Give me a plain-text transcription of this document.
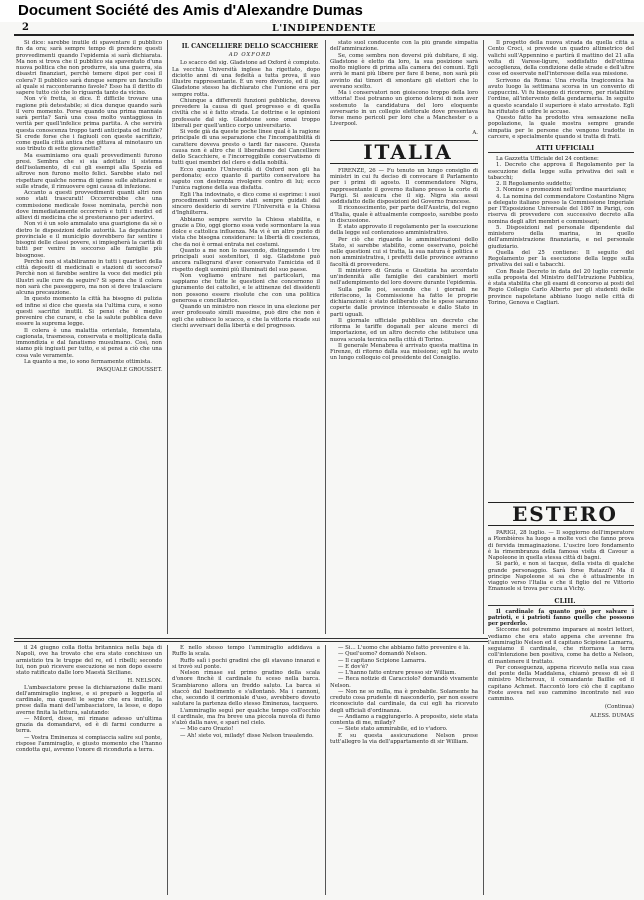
Document Société des Amis d'Alexandre Dumas
2	L'INDIPENDENTE

Si dice: sarebbe inutile di spaventare il pubblico fin da ora; sarà sempre tempo di prendere questi provvedimenti quando l'epidemia si sarà dichiarata. Ma non si trova che il pubblico sia spaventato d'una nuova politica che non produrre, sia una guerra, sia disastri finanziari, perchè temere dipoi per così il colera? Il pubblico sarà dunque sempre un fanciullo al quale si racconteranno favole? Esso ha il diritto di sapere tutto ciò che lo riguarda tanto da vicino.

Non v'è fretta, si dice. È difficile trovare una ragione più detestabile; si dica dunque quando sarà il vero momento. Forse quando una prima mannaia sarà perita? Sarà una cosa molto vantaggiosa in verità per quell'infelice prima partita. A che servirà questa conoscenza troppo tardi anticipata od inutile? Si crede forse che i fagiuoli con queste sacrifizio, come quella città antica che gittava al minotauro un suo tributo di sette giovanette?

Ma esaminiamo ora quali provvedimenti furono presi. Sembra che si sia adottato il sistema dell'isolamento, di cui gli esempi alla Spezia ed altrove non furono molto felici. Sarebbe stato nel rispettare qualche norma di igiene sulle abitazioni e sulle strade, il rimuovere ogni causa di infezione.

Accanto a questi provvedimenti quanti altri non sono stati trascurati! Occorrerebbe che una commissione medicale fosse nominata, perchè non dove immediatamente occorrerà e tutti i medici ed allievi di medicina che si presteranno per aderirvi.

Non vi è un solo ammalato una guarigione da sè o dietro le disposizioni delle autorità. La deputazione provinciale e il municipio dovrebbero far sentire i bisogni delle classi povere, si impiegherà la carità di tutti per venire in soccorso alle famiglie più bisognose.

Perchè non si stabiliranno in tutti i quartieri della città depositi di medicinali e stazioni di soccorso? Perchè non si farebbe sentire la voce dei medici più illustri sulle cure da seguire? Si spera che il colera non sarà che passeggero, ma non si deve tralasciare alcuna precauzione.

In questo momento la città ha bisogno di pulizia ed infine si dice che questa sia l'ultima cura, e sono questi sacrifizi inutili. Si pensi che è meglio prevenire che curare, e che la salute pubblica deve essere la suprema legge.

Il colera è una malattia orientale, fomentata, cagionata, trasmessa, conservata e moltiplicata dalla immondizia e dal fanatismo musulmano. Così, non siamo più ingiusti per tutto, e si pensi a ciò che una cosa vale veramente.

La quanto a me, io sono fermamente ottimista.

PASQUALE GROUSSET.

IL CANCELLIERE DELLO SCACCHIERE

AD OXFORD

Lo scacco del sig. Gladstone ad Oxford è compiuto. La vecchia Università inglese ha rigettato, dopo diciotto anni di una fedeltà a tutta prova, il suo illustre rappresentante. È un vero divorzio, ed il sig. Gladstone stesso ha dichiarato che l'unione era per sempre rotta.

Chiunque a differenti funzioni pubbliche, doveva prevedere la causa di quel progresso e di quella civiltà che si è fatto strada. Le dottrine e le opinioni professate dal sig. Gladstone sono omai troppo liberali per quell'antico corpo universitario.

Si vede già da queste poche linee qual è la ragione principale di una separazione che l'incompatibilità di carattere doveva presto o tardi far nascere. Questa causa non è altro che il liberalismo del Cancelliere dello Scacchiere, e l'incorreggibile conservatismo di tutti quei membri del clero e della nobiltà.

Ecco quanto l'Università di Oxford non gli ha perdonato; ecco quanto il partito conservatore ha saputo con destrezza rivolgere contro di lui; ecco l'unica ragione della sua disfatta.

Egli l'ha indovinato, e dico come si esprime: i suoi procedimenti sarebbero stati sempre guidati dal sincero desiderio di servire l'Università e la Chiesa d'Inghilterra.

Abbiamo sempre servito la Chiesa stabilita, e grazie a Dio, oggi giorno essa vede sormontare la sua dolce e cattolica influenza. Ma vi è un altro punto di vista che bisogna considerare: la libertà di coscienza, che da noi è ormai entrata nei costumi.

Quanto a me non lo nascondo, distinguendo i tre principali suoi sostenitori, il sig. Gladstone può ancora rallegrarsi d'aver conservato l'amicizia ed il rispetto degli uomini più illuminati del suo paese.

Non vogliamo entrare nei particolari, ma sappiamo che tutte le questioni che concernono il giuramento dei cattolici, e le attinenze del dissidenti non possono essere risolute che con una politica generosa e conciliatrice.

Quando un ministro non riesce in una elezione per aver professato simili massime, può dire che non è egli che subisce lo scacco, e che la vittoria ricade sui ciechi avversari della libertà e del progresso.

stato suol conducente con la più grande simpatia dell'ammirazione.

Se, come sembra non doversi più dubitare, il sig. Gladstone è eletto da loro, la sua posizione sarà molto migliore di prima alla camera dei comuni. Egli avrà le mani più libere per fare il bene, non sarà più avvinto dai timori di smontare gli elettori che lo avevano scelto.

Ma i conservatori non gioiscono troppo della loro vittoria! Essi potranno un giorno dolersi di non aver sostenuto la candidatura del loro eloquente avversario in un collegio elettorale dove presentava forse meno pericoli per loro che a Manchester o a Liverpool.

A.

ITALIA

FIRENZE, 26 — Fu tenuto un lungo consiglio di ministri in cui fu deciso di convocare il Parlamento per i primi di agosto. Il commendatore Nigra, rappresentante il governo italiano presso la corte di Parigi. Si assicura che il sig. Nigra sia assai soddisfatto delle disposizioni del Governo francese.

Il riconoscimento, per parte dell'Austria, del regno d'Italia, quale è attualmente composto, sarebbe posto in discussione.

È stato approvato il regolamento per la esecuzione della legge sul contenzioso amministrativo.

Per ciò che riguarda le amministrazioni dello Stato, si sarebbe stabilito, come osservano, poiché nelle questioni cui si tratta, la sua natura è politica e non amministrativa, i prefetti delle province avranno facoltà di provvedere.

Il ministero di Grazia e Giustizia ha accordato un'indennità alle famiglie dei carabinieri morti nell'adempimento del loro dovere durante l'epidemia.

Sulla pelle poi, secondo che i giornali ne riferiscono, la Commissione ha fatto le proprie dichiarazioni: è stato deliberato che le spese saranno coperte dalle province interessate e dallo Stato in parti uguali.

Il giornale ufficiale pubblica un decreto che riforma le tariffe doganali per alcune merci di importazione, ed un altro decreto che istituisce una nuova scuola tecnica nella città di Torino.

Il generale Menabrea è arrivato questa mattina in Firenze, di ritorno dalla sua missione; egli ha avuto un lungo colloquio col presidente del Consiglio.

Il progetto della nuova strada da quella città a Cento Croci, si prevede un quadro altimetrico del valichi sull'Appennino e partirà il mattino del 21 alla volta di Varese-ligure, soddisfatto dell'ottima accoglienza, della condizione delle strade e dell'altre cose ed osservate nell'interesse della sua missione.

Scrivono da Roma: Una rivolta tragicomica ha avuto luogo la settimana scorsa in un convento di cappuccini. Vi fu bisogno di ricorrere, per ristabilire l'ordine, all'intervento della gendarmeria. In seguito a questo scandalo il superiore è stato arrestato. Egli ha rifiutato di udire le accuse.

Questo fatto ha prodotto viva sensazione nella popolazione, la quale mostra sempre grande simpatia per le persone che vengono tradotte in carcere, e specialmente quando si tratta di frati.

ATTI UFFICIALI

La Gazzetta Ufficiale del 24 contiene:

1. Decreto che approva il Regolamento per la esecuzione della legge sulla privativa dei sali e tabacchi;

2. Il Regolamento suddetto;

3. Nomine e promozioni nell'ordine mauriziano;

4. La nomina del commendatore Costantino Nigra a delegato italiano presso la Commissione Imperiale per l'Esposizione Universale del 1867 in Parigi, con riserva di provvedere con successivo decreto alla nomina degli altri membri e commissari;

5. Disposizioni nel personale dipendente dal ministero della marina, in quello dell'amministrazione finanziaria, e nel personale giudiziario.

Quella del 25 contiene: Il seguito del Regolamento per la esecuzione della legge sulla privativa dei sali e tabacchi.

Con Reale Decreto in data del 20 luglio corrente sulla proposta del Ministro dell'Istruzione Pubblica, è stata stabilita che gli esami di concorso ai posti del Regio Collegio Carlo Alberto per gli studenti delle province napoletane abbiano luogo nelle città di Torino, Genova e Cagliari.

il 24 giugno colla flotta britannica nella baja di Napoli, ove ha trovato che era stato conchiuso un armistizio tra le truppe del re, ed i ribelli; secondo lui, non può ricevere esecuzione se non dopo essere stato ratificato dalle loro Maestà Siciliane.

H. NELSON.

L'ambasciatore prese la dichiarazione dalle mani dell'ammiraglio inglese, e si preparò a leggerla al cardinale, ma questi le segno che era inutile, la prese dalla mani dell'ambasciatore, la lesse, e dopo averne finita la lettura, salutando:

— Milord, disse, mi rimane adesso un'ultima grazia da domandarvi, ed è di farmi condurre a terra.

— Vostra Eminenza si compiaccia salire sul ponte, rispose l'ammiraglio, e giusto momento che l'hanno condotta qui, avremo l'onore di ricondurla a terra.

E nello stesso tempo l'ammiraglio addidava a Ruffo la scala.

Ruffo salì i pochi gradini che gli stavano innanzi e si trovò sul ponte.

Nelson rimase sul primo gradino della scala d'onore finchè il cardinale fu sceso nella barca. Scambiarono allora un freddo saluto. La barca si staccò dal bastimento e s'allontanò. Ma i cannoni, che, secondo il cerimoniale d'uso, avrebbero dovuto salutare la partenza dello stesso Eminenza, tacquero.

L'ammiraglio seguì per qualche tempo coll'occhio il cardinale, ma fra breve una piccola nuvola di fumo s'alzò dalla nave, e sparì nel cielo.

— Mio caro Orazio!

— Ah! siete voi, milady! disse Nelson trasalendo.

— Si... L'uomo che abbiamo fatto prevenire è là.

— Quel'uomo? domandò Nelson.

— Il capitano Scipione Lamarra.

— E dov'è?

— L'hanno fatto entrare presso sir William.

— Reca notizie di Caracciolo? domandò vivamente Nelson.

— Non ne so nulla, ma è probabile. Solamente ha creduto cosa prudente di nasconderlo, per non essere riconosciuto dal cardinale, da cui egli ha ricevuto degli ufficiali d'ordinanza.

— Andiamo a raggiungerlo. A proposito, siete stata contenta di me, milady?

— Siete stato ammirabile, ed io v'adoro.

E su questa assicurazione Nelson prese tutt'allegro la via dell'appartamento di sir William.

ESTERO

PARIGI, 28 luglio. — Il soggiorno dell'imperatore a Plombières ha luogo a molte voci che fanno prova di fervida immaginazione. L'uscire loro fondamento è la rimembranza della famosa visita di Cavour a Napoleone in quella stessa città di bagni.

Si parlò, e non si tacque, della visita di qualche grande personaggio. Sarà forse Ratazzi? Ma il principe Napoleone si sa che è attualmente in viaggio verso l'Italia e che il figlio del re Vittorio Emanuele si trova per cura a Vichy.

CLIII.

Il cardinale fa quanto può per salvare i patrioti, e i patrioti fanno quello che possono per perderlo.

Siccome noi potremmo imparare ai nostri lettori, vediamo che era stato appena che avvenne fra l'ammiraglio Nelson ed il capitano Scipione Lamarra, seguiamo il cardinale, che ritornava a terra coll'intenzione ben positiva, come ha detto a Nelson, di mantenere il trattato.

Per conseguenza, appena ricevuto nella sua casa del ponte della Maddalena, chiamò presso di sè il ministro Micheroux, il comandante Baillie ed il capitano Achmet. Raccontò loro ciò che il capitano Foote aveva nel suo cammino incontrato nel suo cammino.

(Continua)

ALESS. DUMAS
